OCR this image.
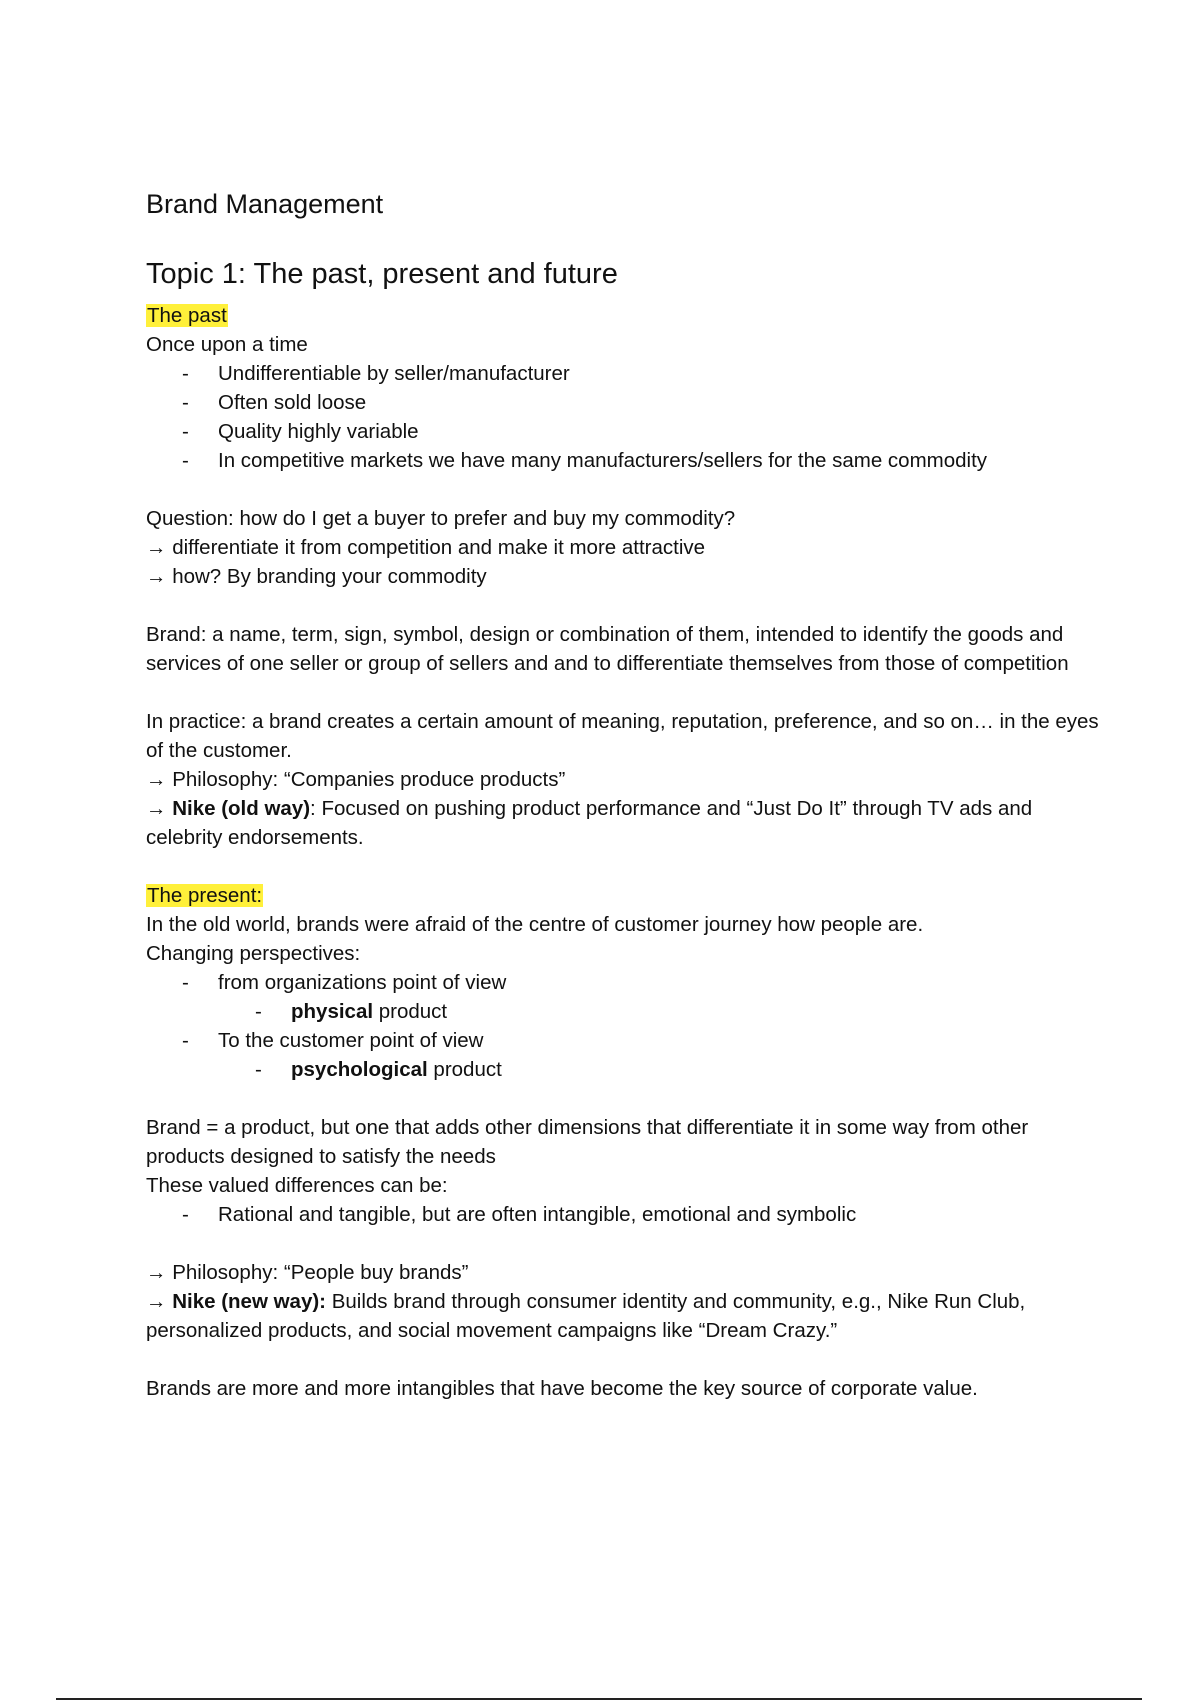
Brand Management
Topic 1: The past, present and future
The past

Once upon a time

- Undifferentiable by seller/manufacturer
- Often sold loose
- Quality highly variable
- In competitive markets we have many manufacturers/sellers for the same commodity

Question: how do I get a buyer to prefer and buy my commodity?

→ differentiate it from competition and make it more attractive

→ how? By branding your commodity

Brand: a name, term, sign, symbol, design or combination of them, intended to identify the goods and services of one seller or group of sellers and and to differentiate themselves from those of competition

In practice: a brand creates a certain amount of meaning, reputation, preference, and so on… in the eyes of the customer.

→ Philosophy: “Companies produce products”

→ Nike (old way): Focused on pushing product performance and “Just Do It” through TV ads and celebrity endorsements.

The present:

In the old world, brands were afraid of the centre of customer journey how people are.

Changing perspectives:

- from organizations point of view
- physical product
- To the customer point of view
- psychological product

Brand = a product, but one that adds other dimensions that differentiate it in some way from other products designed to satisfy the needs

These valued differences can be:

- Rational and tangible, but are often intangible, emotional and symbolic

→ Philosophy: “People buy brands”

→ Nike (new way): Builds brand through consumer identity and community, e.g., Nike Run Club, personalized products, and social movement campaigns like “Dream Crazy.”

Brands are more and more intangibles that have become the key source of corporate value.
